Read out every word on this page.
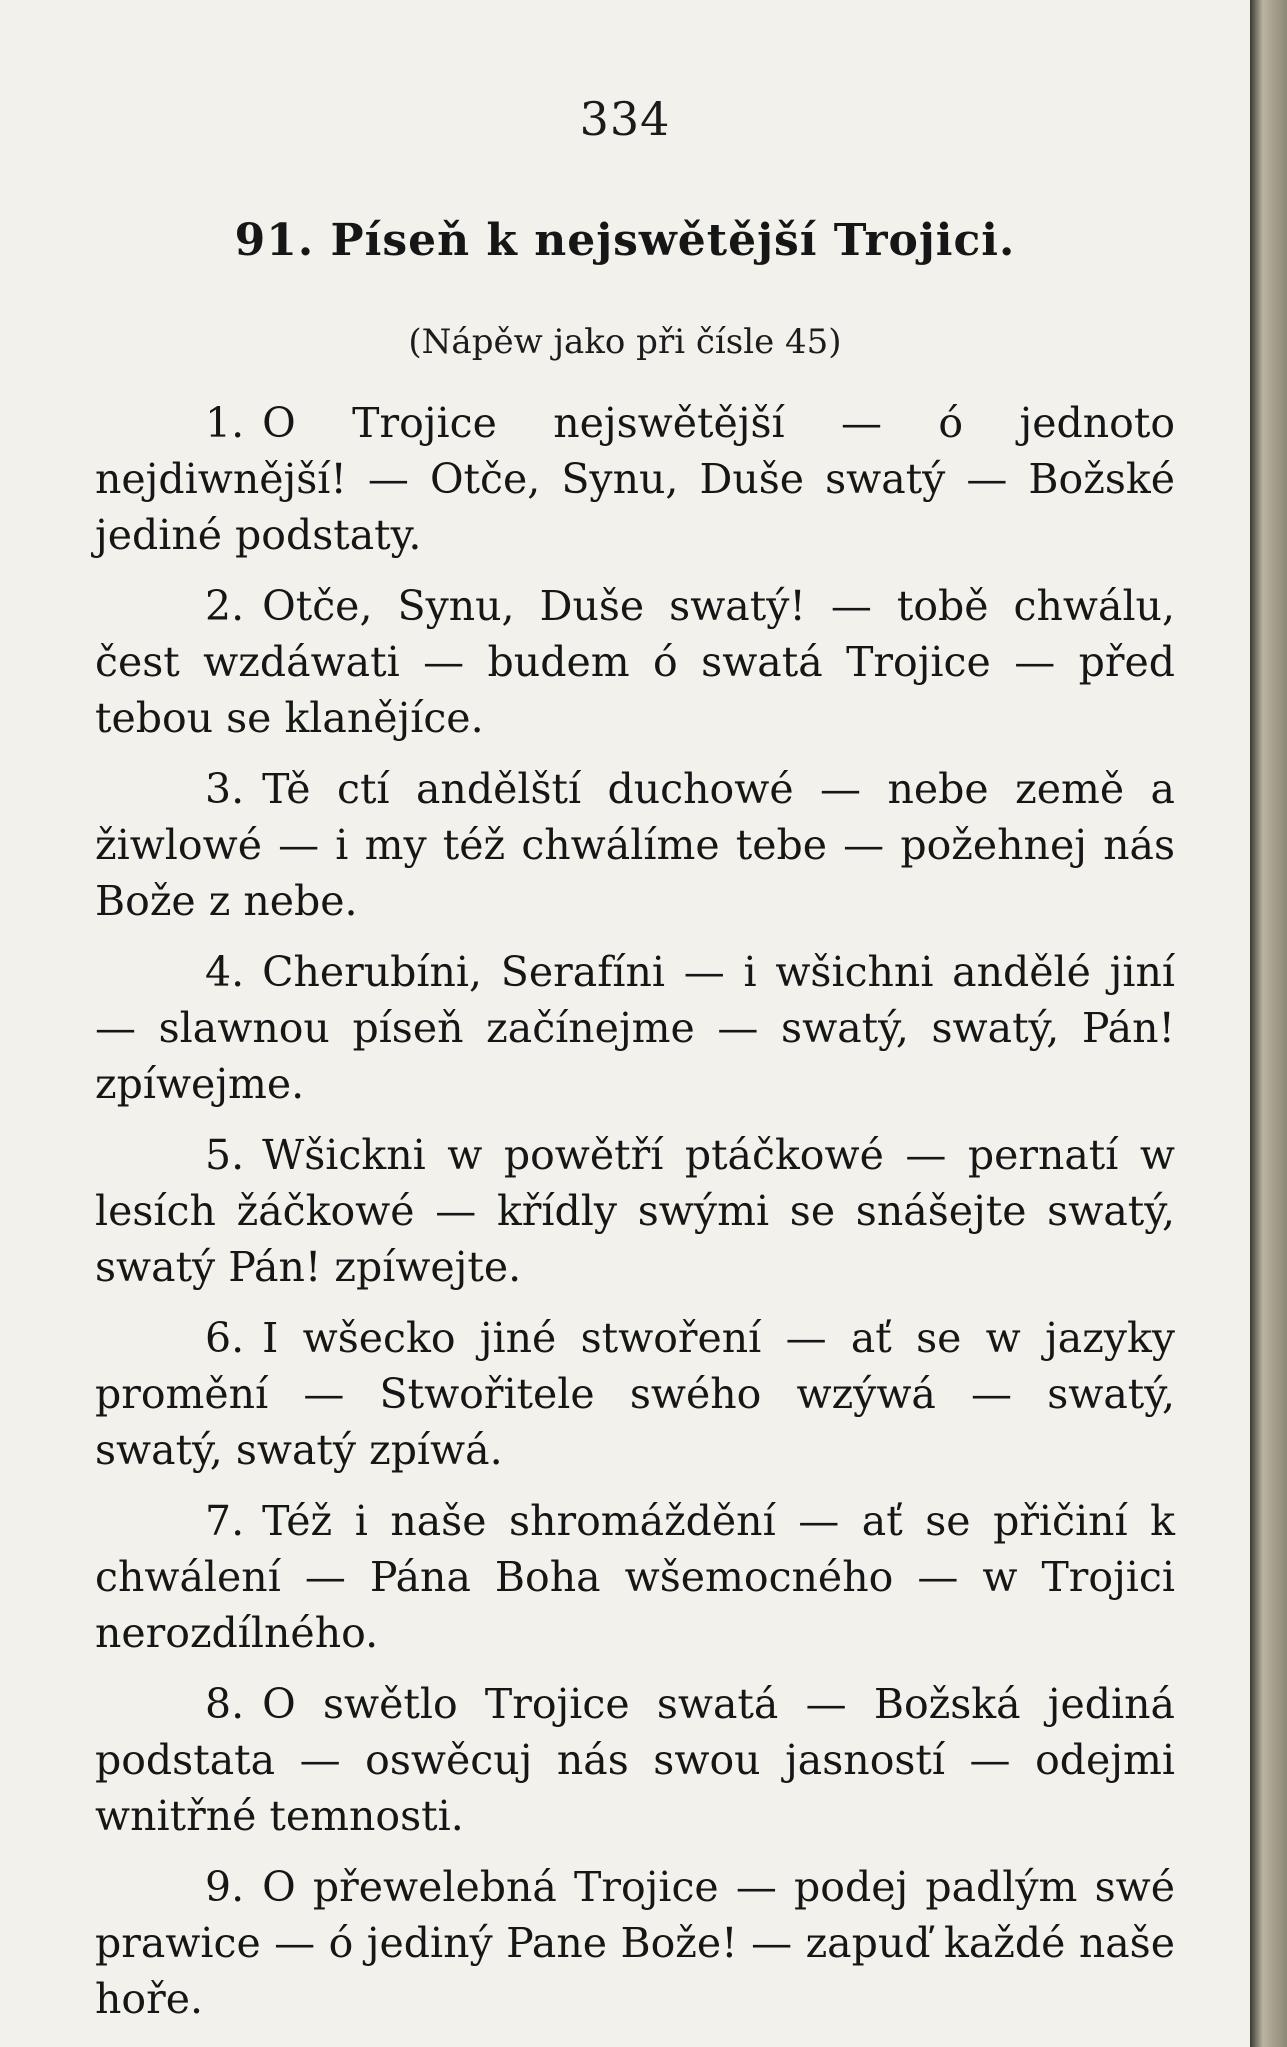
334
91. Píseň k nejswětější Trojici.
(Nápěw jako při čísle 45)

1. O Trojice nejswětější — ó jednoto nejdiwnější! — Otče, Synu, Duše swatý — Božské jediné podstaty.

2. Otče, Synu, Duše swatý! — tobě chwálu, čest wzdáwati — budem ó swatá Trojice — před tebou se klanějíce.

3. Tě ctí andělští duchowé — nebe země a žiwlowé — i my též chwálíme tebe — požehnej nás Bože z nebe.

4. Cherubíni, Serafíni — i wšichni andělé jiní — slawnou píseň začínejme — swatý, swatý, Pán! zpíwejme.

5. Wšickni w powětří ptáčkowé — pernatí w lesích žáčkowé — křídly swými se snášejte swatý, swatý Pán! zpíwejte.

6. I wšecko jiné stwoření — ať se w jazyky promění — Stwořitele swého wzýwá — swatý, swatý, swatý zpíwá.

7. Též i naše shromáždění — ať se přičiní k chwálení — Pána Boha wšemocného — w Trojici nerozdílného.

8. O swětlo Trojice swatá — Božská jediná podstata — oswěcuj nás swou jasností — odejmi wnitřné temnosti.

9. O přewelebná Trojice — podej padlým swé prawice — ó jediný Pane Bože! — zapuď každé naše hoře.
